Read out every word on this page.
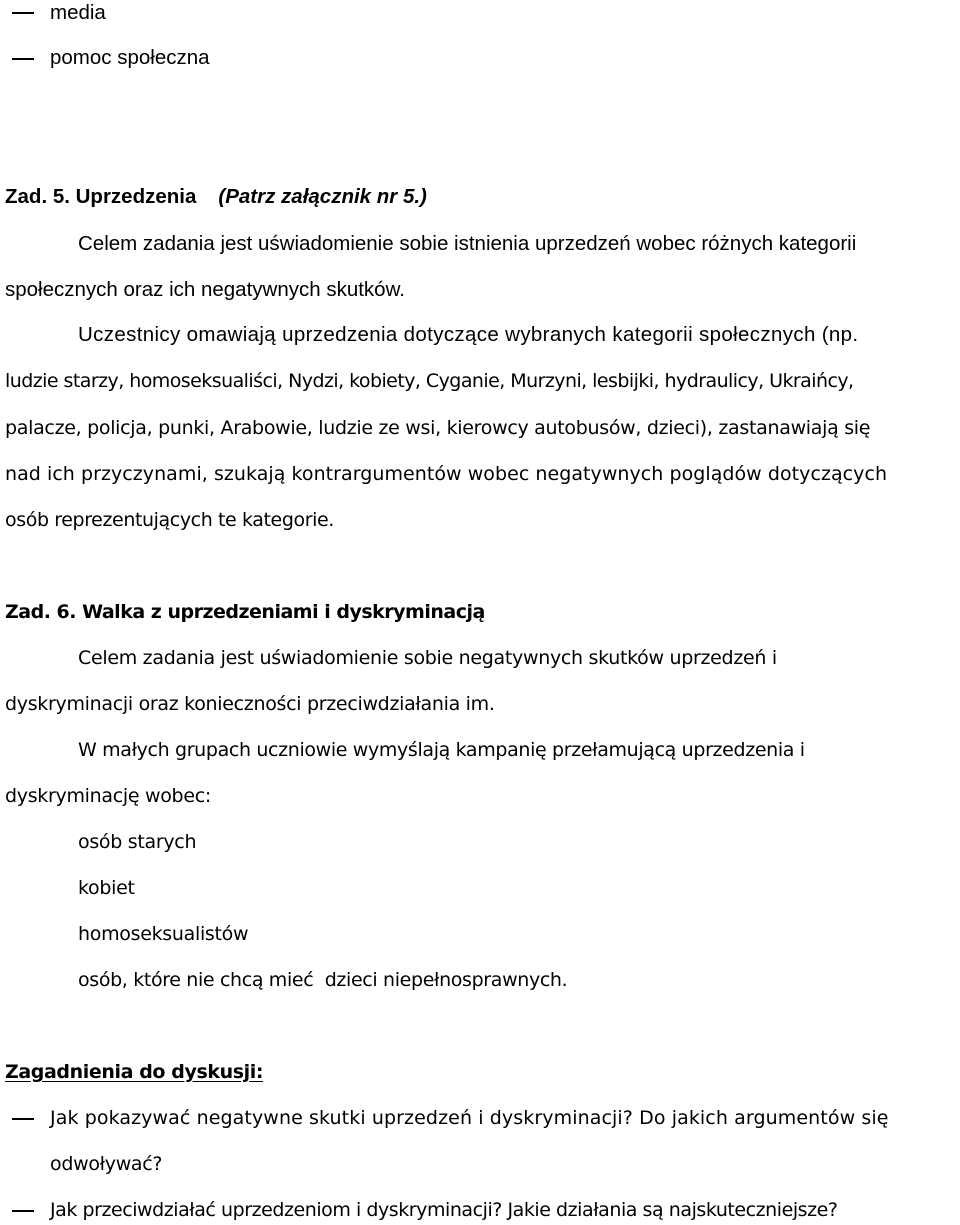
media
pomoc społeczna
Zad. 5. Uprzedzenia (Patrz załącznik nr 5.)
Celem zadania jest uświadomienie sobie istnienia uprzedzeń wobec różnych kategorii
społecznych oraz ich negatywnych skutków.
Uczestnicy omawiają uprzedzenia dotyczące wybranych kategorii społecznych (np.
ludzie starzy, homoseksualiści, Nydzi, kobiety, Cyganie, Murzyni, lesbijki, hydraulicy, Ukraińcy,
palacze, policja, punki, Arabowie, ludzie ze wsi, kierowcy autobusów, dzieci), zastanawiają się
nad ich przyczynami, szukają kontrargumentów wobec negatywnych poglądów dotyczących
osób reprezentujących te kategorie.
Zad. 6. Walka z uprzedzeniami i dyskryminacją
Celem zadania jest uświadomienie sobie negatywnych skutków uprzedzeń i
dyskryminacji oraz konieczności przeciwdziałania im.
W małych grupach uczniowie wymyślają kampanię przełamującą uprzedzenia i
dyskryminację wobec:
osób starych
kobiet
homoseksualistów
osób, które nie chcą mieć  dzieci niepełnosprawnych.
Zagadnienia do dyskusji:
Jak pokazywać negatywne skutki uprzedzeń i dyskryminacji? Do jakich argumentów się
odwoływać?
Jak przeciwdziałać uprzedzeniom i dyskryminacji? Jakie działania są najskuteczniejsze?
